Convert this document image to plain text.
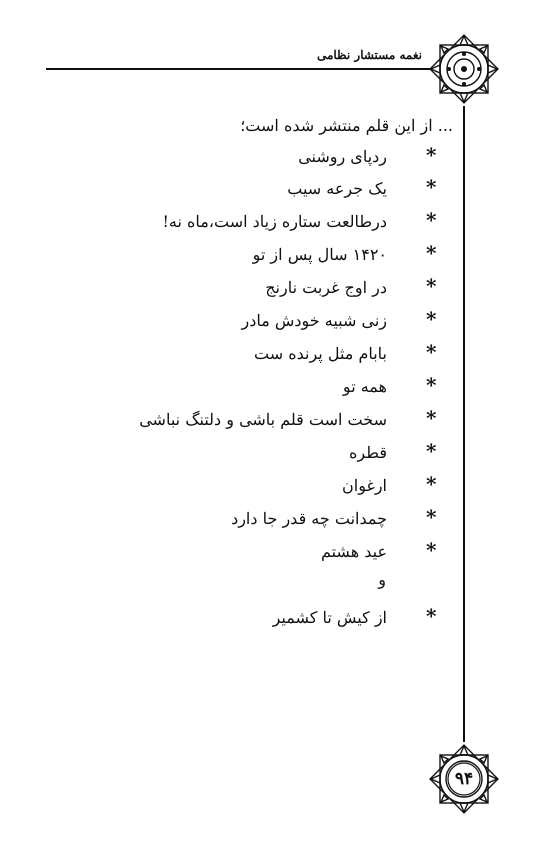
نغمه مستشار نظامی
... از این قلم منتشر شده است؛
*
ردپای روشنی
*
یک جرعه سیب
*
درطالعت ستاره زیاد است،ماه نه!
*
۱۴۲۰ سال پس از تو
*
در اوج غربت نارنج
*
زنی شبیه خودش مادر
*
بابام مثل پرنده ست
*
همه تو
*
سخت است قلم باشی و دلتنگ نباشی
*
قطره
*
ارغوان
*
چمدانت چه قدر جا دارد
*
عید هشتم
*
از کیش تا کشمیر
و
۹۴
